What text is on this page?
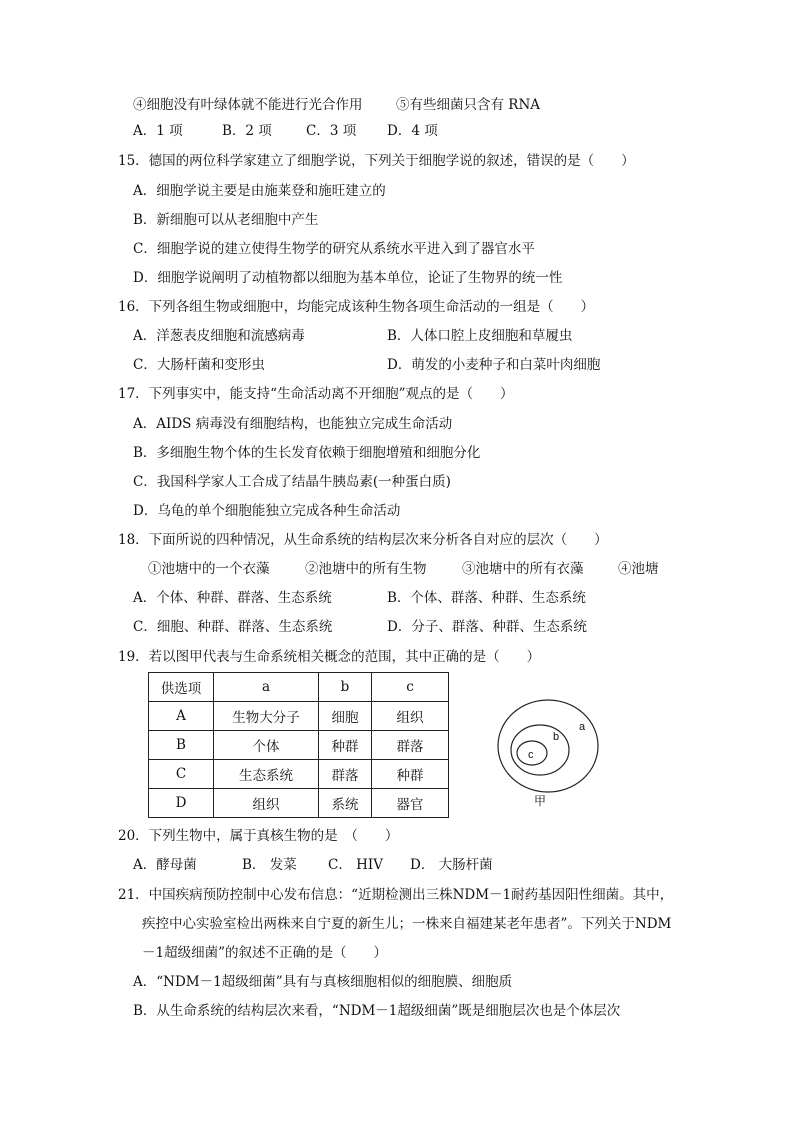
④细胞没有叶绿体就不能进行光合作用 ⑤有些细菌只含有 RNA
A．1 项	B．2 项	C．3 项 D．4 项
15．德国的两位科学家建立了细胞学说，下列关于细胞学说的叙述，错误的是（　　）
A．细胞学说主要是由施莱登和施旺建立的
B．新细胞可以从老细胞中产生
C．细胞学说的建立使得生物学的研究从系统水平进入到了器官水平
D．细胞学说阐明了动植物都以细胞为基本单位，论证了生物界的统一性
16．下列各组生物或细胞中，均能完成该种生物各项生命活动的一组是（　　）
A．洋葱表皮细胞和流感病毒	B．人体口腔上皮细胞和草履虫
C．大肠杆菌和变形虫	D．萌发的小麦种子和白菜叶肉细胞
17．下列事实中，能支持“生命活动离不开细胞”观点的是（　　）
A．AIDS 病毒没有细胞结构，也能独立完成生命活动
B．多细胞生物个体的生长发育依赖于细胞增殖和细胞分化
C．我国科学家人工合成了结晶牛胰岛素(一种蛋白质)
D．乌龟的单个细胞能独立完成各种生命活动
18．下面所说的四种情况，从生命系统的结构层次来分析各自对应的层次（　　）
①池塘中的一个衣藻	②池塘中的所有生物	③池塘中的所有衣藻	④池塘
A．个体、种群、群落、生态系统	B．个体、群落、种群、生态系统
C．细胞、种群、群落、生态系统	D．分子、群落、种群、生态系统
19．若以图甲代表与生命系统相关概念的范围，其中正确的是（　　）
供选项	a	b	c
A	生物大分子	细胞	组织
B	个体	种群	群落
C	生态系统	群落	种群
D	组织	系统	器官
a
b
c
甲
20．下列生物中，属于真核生物的是　（　　）
A．酵母菌	B． 发菜 C． HIV D． 大肠杆菌
21．中国疾病预防控制中心发布信息：“近期检测出三株NDM－1耐药基因阳性细菌。其中，
疾控中心实验室检出两株来自宁夏的新生儿；一株来自福建某老年患者”。下列关于NDM
－1超级细菌”的叙述不正确的是（　　）
A．“NDM－1超级细菌”具有与真核细胞相似的细胞膜、细胞质
B．从生命系统的结构层次来看，“NDM－1超级细菌”既是细胞层次也是个体层次
